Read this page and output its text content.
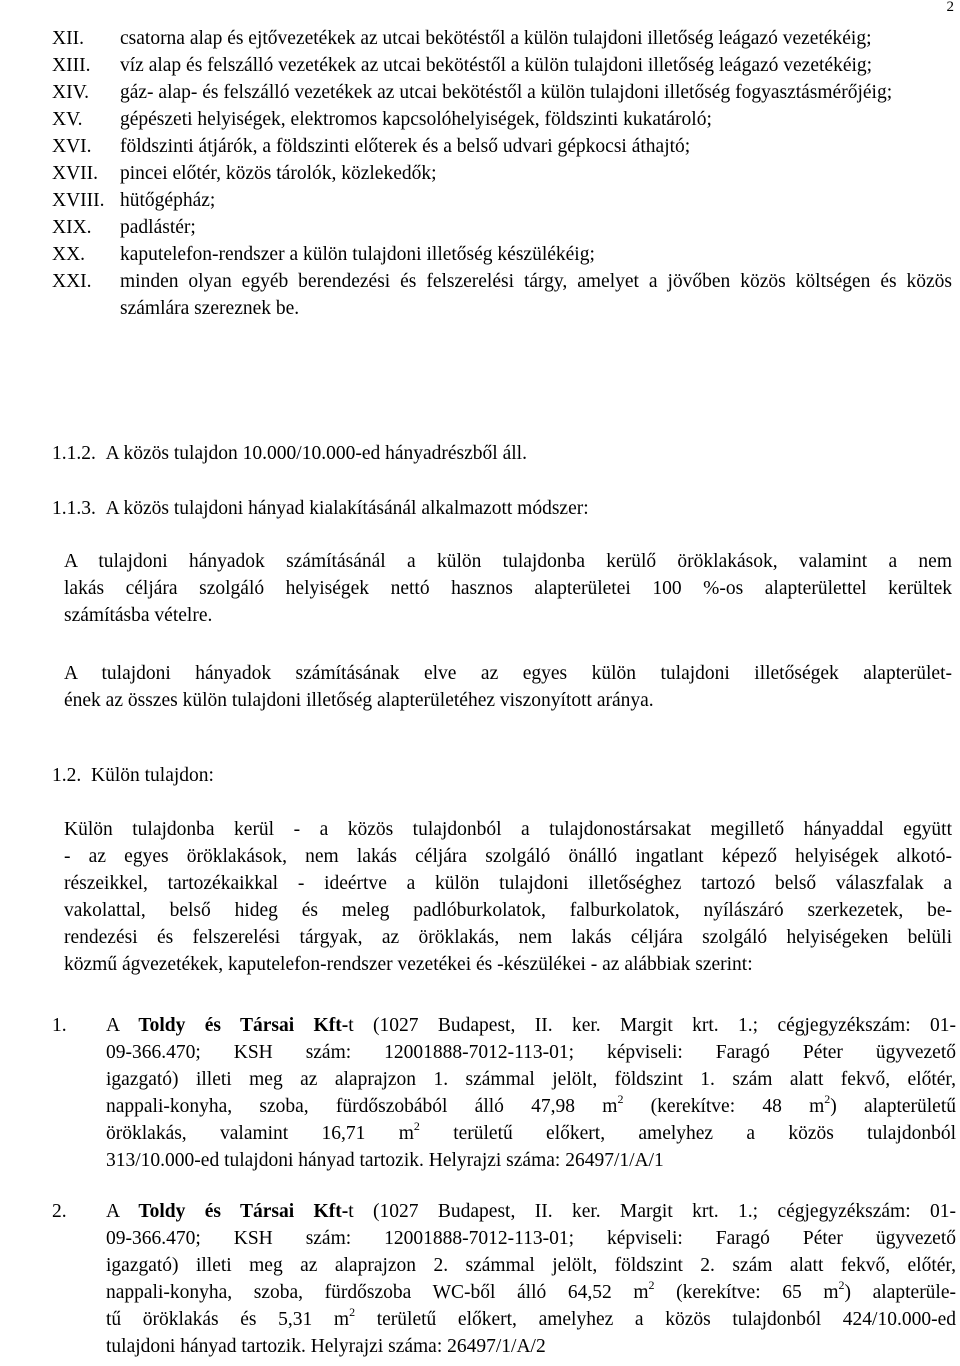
2
XII.	csatorna alap és ejtővezetékek az utcai bekötéstől a külön tulajdoni illetőség leágazó vezetékéig;
XIII.	víz alap és felszálló vezetékek az utcai bekötéstől a külön tulajdoni illetőség leágazó vezetékéig;
XIV.	gáz- alap- és felszálló vezetékek az utcai bekötéstől a külön tulajdoni illetőség fogyasztásmérőjéig;
XV.	gépészeti helyiségek, elektromos kapcsolóhelyiségek, földszinti kukatároló;
XVI.	földszinti átjárók, a földszinti előterek és a belső udvari gépkocsi áthajtó;
XVII.	pincei előtér, közös tárolók, közlekedők;
XVIII. hütőgépház;
XIX.	padlástér;
XX.	kaputelefon-rendszer a külön tulajdoni illetőség készülékéig;
XXI.	minden olyan egyéb berendezési és felszerelési tárgy, amelyet a jövőben közös költségen és közös számlára szereznek be.
1.1.2. A közös tulajdon 10.000/10.000-ed hányadrészből áll.
1.1.3. A közös tulajdoni hányad kialakításánál alkalmazott módszer:
A tulajdoni hányadok számításánál a külön tulajdonba kerülő öröklakások, valamint a nem
lakás céljára szolgáló helyiségek nettó hasznos alapterületei 100 %-os alapterülettel kerültek
számításba vételre.
A tulajdoni hányadok számításának elve az egyes külön tulajdoni illetőségek alapterület-
ének az összes külön tulajdoni illetőség alapterületéhez viszonyított aránya.
1.2. Külön tulajdon:
Külön tulajdonba kerül - a közös tulajdonból a tulajdonostársakat megillető hányaddal együtt
- az egyes öröklakások, nem lakás céljára szolgáló önálló ingatlant képező helyiségek alkotó-
részeikkel, tartozékaikkal - ideértve a külön tulajdoni illetőséghez tartozó belső válaszfalak a
vakolattal, belső hideg és meleg padlóburkolatok, falburkolatok, nyílászáró szerkezetek, be-
rendezési és felszerelési tárgyak, az öröklakás, nem lakás céljára szolgáló helyiségeken belüli
közmű ágvezetékek, kaputelefon-rendszer vezetékei és -készülékei - az alábbiak szerint:
1.	A Toldy és Társai Kft-t (1027 Budapest, II. ker. Margit krt. 1.; cégjegyzékszám: 01-
09-366.470; KSH szám: 12001888-7012-113-01; képviseli: Faragó Péter ügyvezető
igazgató) illeti meg az alaprajzon 1. számmal jelölt, földszint 1. szám alatt fekvő, előtér,
nappali-konyha, szoba, fürdőszobából álló 47,98 $m^2$ (kerekítve: 48 $m^2$) alapterületű
öröklakás, valamint 16,71 $m^2$ területű előkert, amelyhez a közös tulajdonból
313/10.000-ed tulajdoni hányad tartozik. Helyrajzi száma: 26497/1/A/1
2.	A Toldy és Társai Kft-t (1027 Budapest, II. ker. Margit krt. 1.; cégjegyzékszám: 01-
09-366.470; KSH szám: 12001888-7012-113-01; képviseli: Faragó Péter ügyvezető
igazgató) illeti meg az alaprajzon 2. számmal jelölt, földszint 2. szám alatt fekvő, előtér,
nappali-konyha, szoba, fürdőszoba WC-ből álló 64,52 $m^2$ (kerekítve: 65 $m^2$) alapterüle-
tű öröklakás és 5,31 $m^2$ területű előkert, amelyhez a közös tulajdonból 424/10.000-ed
tulajdoni hányad tartozik. Helyrajzi száma: 26497/1/A/2
